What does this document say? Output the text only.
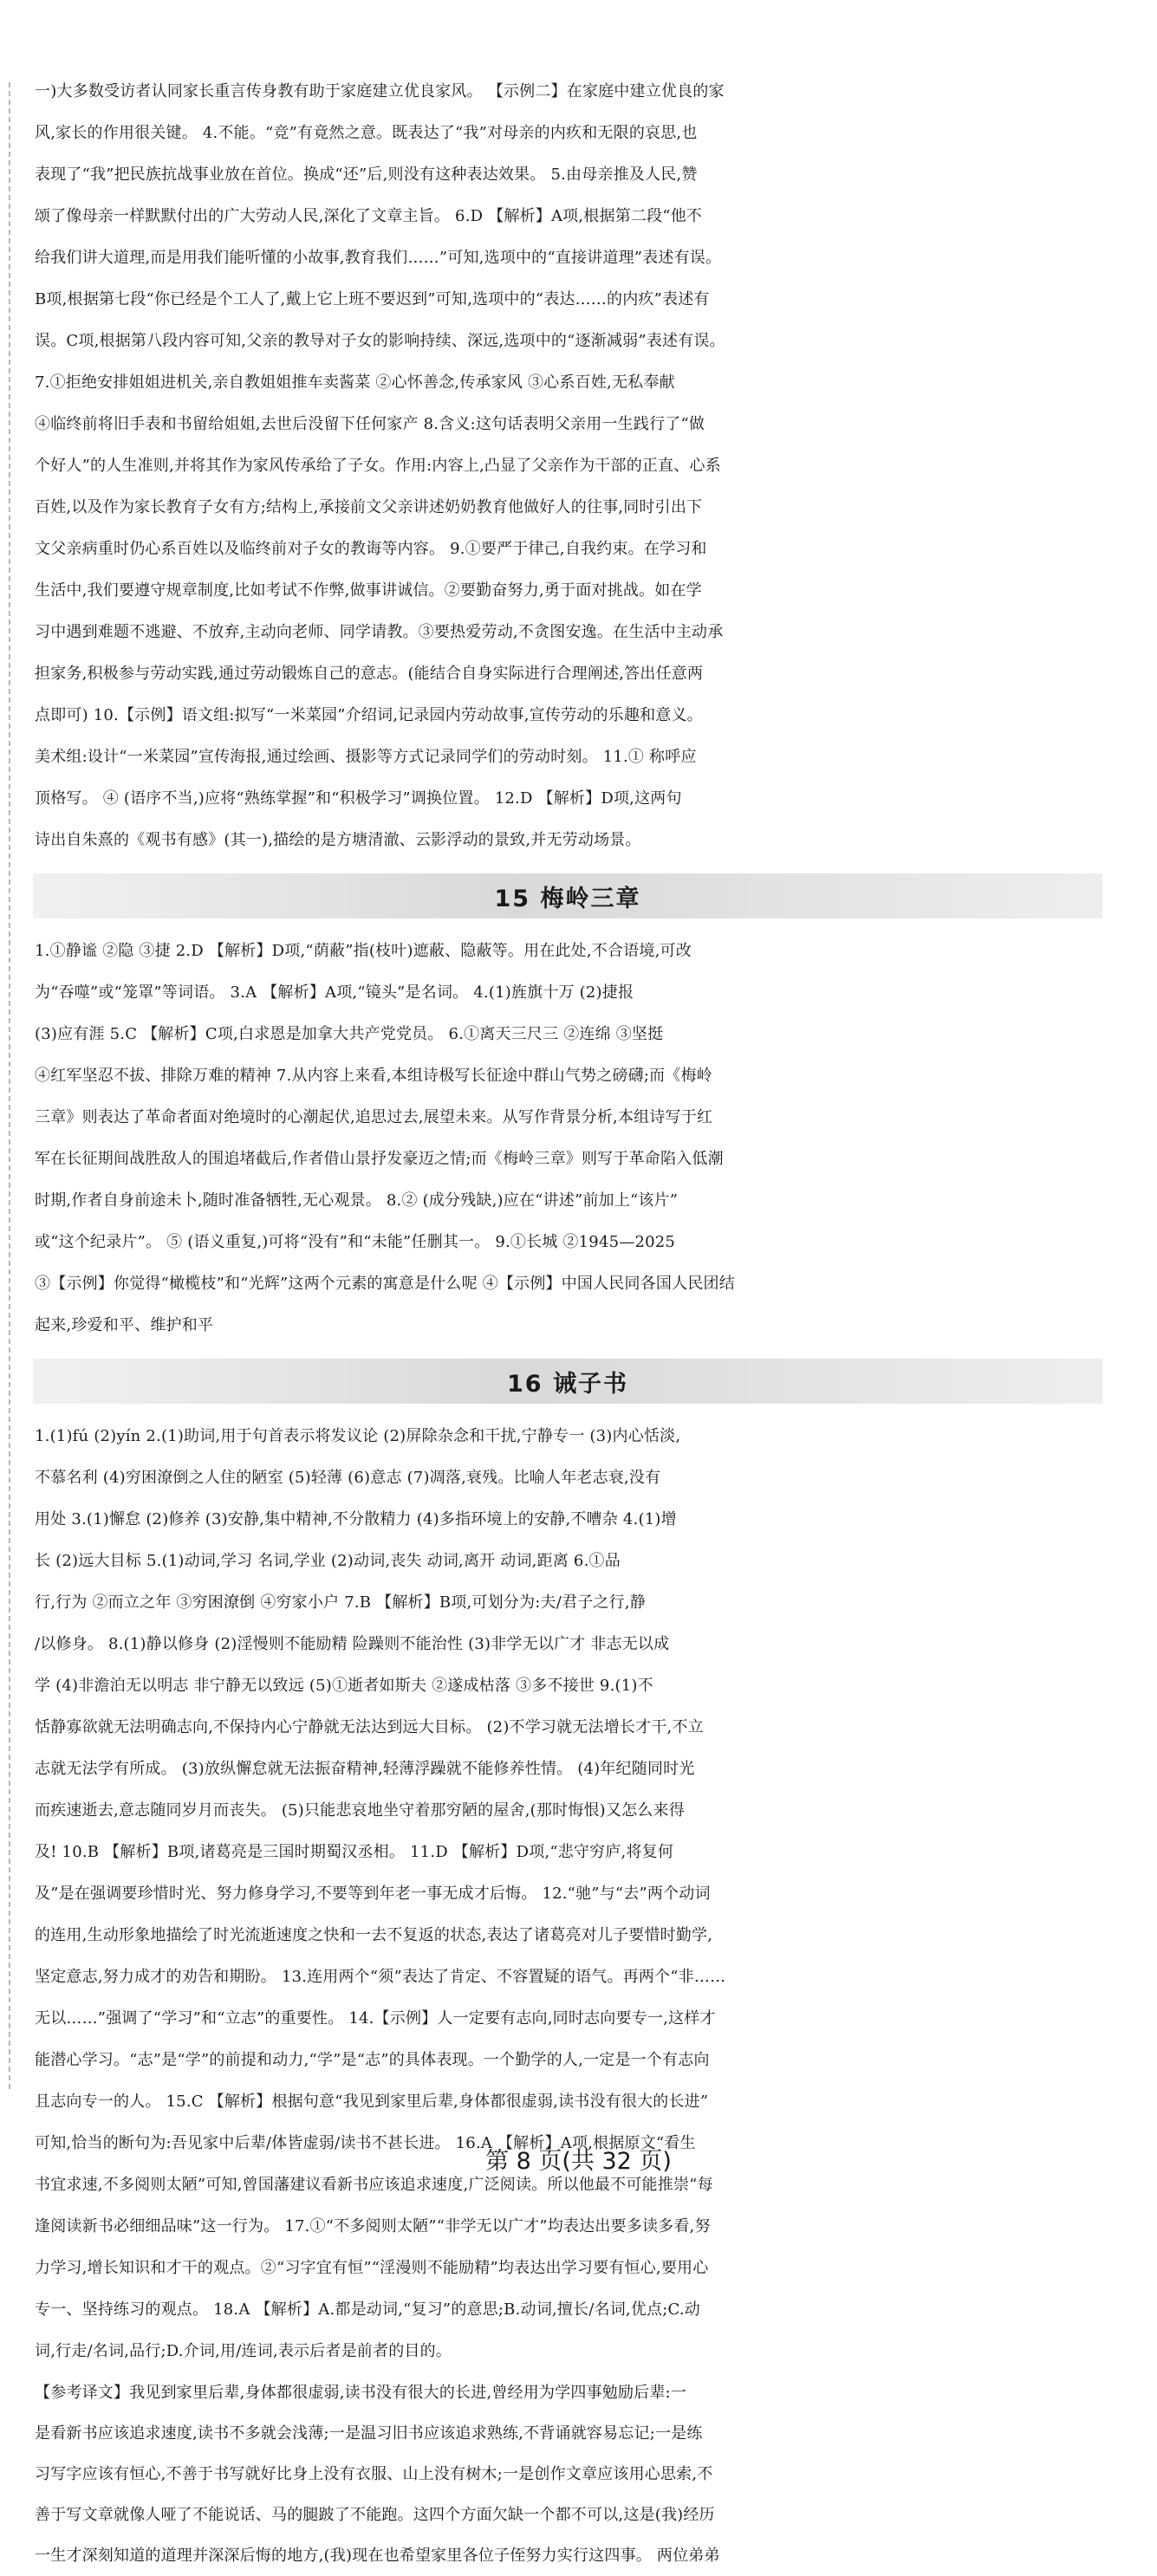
一)大多数受访者认同家长重言传身教有助于家庭建立优良家风。 【示例二】在家庭中建立优良的家
风,家长的作用很关键。 4.不能。“竞”有竟然之意。既表达了“我”对母亲的内疚和无限的哀思,也
表现了“我”把民族抗战事业放在首位。换成“还”后,则没有这种表达效果。 5.由母亲推及人民,赞
颂了像母亲一样默默付出的广大劳动人民,深化了文章主旨。 6.D 【解析】A项,根据第二段“他不
给我们讲大道理,而是用我们能听懂的小故事,教育我们……”可知,选项中的“直接讲道理”表述有误。
B项,根据第七段“你已经是个工人了,戴上它上班不要迟到”可知,选项中的“表达……的内疚”表述有
误。C项,根据第八段内容可知,父亲的教导对子女的影响持续、深远,选项中的“逐渐减弱”表述有误。
7.①拒绝安排姐姐进机关,亲自教姐姐推车卖酱菜 ②心怀善念,传承家风 ③心系百姓,无私奉献
④临终前将旧手表和书留给姐姐,去世后没留下任何家产 8.含义:这句话表明父亲用一生践行了“做
个好人”的人生准则,并将其作为家风传承给了子女。作用:内容上,凸显了父亲作为干部的正直、心系
百姓,以及作为家长教育子女有方;结构上,承接前文父亲讲述奶奶教育他做好人的往事,同时引出下
文父亲病重时仍心系百姓以及临终前对子女的教诲等内容。 9.①要严于律己,自我约束。在学习和
生活中,我们要遵守规章制度,比如考试不作弊,做事讲诚信。②要勤奋努力,勇于面对挑战。如在学
习中遇到难题不逃避、不放弃,主动向老师、同学请教。③要热爱劳动,不贪图安逸。在生活中主动承
担家务,积极参与劳动实践,通过劳动锻炼自己的意志。(能结合自身实际进行合理阐述,答出任意两
点即可) 10.【示例】语文组:拟写“一米菜园”介绍词,记录园内劳动故事,宣传劳动的乐趣和意义。
美术组:设计“一米菜园”宣传海报,通过绘画、摄影等方式记录同学们的劳动时刻。 11.① 称呼应
顶格写。 ④ (语序不当,)应将“熟练掌握”和“积极学习”调换位置。 12.D 【解析】D项,这两句
诗出自朱熹的《观书有感》(其一),描绘的是方塘清澈、云影浮动的景致,并无劳动场景。
15 梅岭三章
1.①静谧 ②隐 ③捷 2.D 【解析】D项,“荫蔽”指(枝叶)遮蔽、隐蔽等。用在此处,不合语境,可改
为“吞噬”或“笼罩”等词语。 3.A 【解析】A项,“镜头”是名词。 4.(1)旌旗十万 (2)捷报
(3)应有涯 5.C 【解析】C项,白求恩是加拿大共产党党员。 6.①离天三尺三 ②连绵 ③坚挺
④红军坚忍不拔、排除万难的精神 7.从内容上来看,本组诗极写长征途中群山气势之磅礴;而《梅岭
三章》则表达了革命者面对绝境时的心潮起伏,追思过去,展望未来。从写作背景分析,本组诗写于红
军在长征期间战胜敌人的围追堵截后,作者借山景抒发豪迈之情;而《梅岭三章》则写于革命陷入低潮
时期,作者自身前途未卜,随时准备牺牲,无心观景。 8.② (成分残缺,)应在“讲述”前加上“该片”
或“这个纪录片”。 ⑤ (语义重复,)可将“没有”和“未能”任删其一。 9.①长城 ②1945—2025
③【示例】你觉得“橄榄枝”和“光辉”这两个元素的寓意是什么呢 ④【示例】中国人民同各国人民团结
起来,珍爱和平、维护和平
16 诫子书
1.(1)fú (2)yín 2.(1)助词,用于句首表示将发议论 (2)屏除杂念和干扰,宁静专一 (3)内心恬淡,
不慕名利 (4)穷困潦倒之人住的陋室 (5)轻薄 (6)意志 (7)凋落,衰残。比喻人年老志衰,没有
用处 3.(1)懈怠 (2)修养 (3)安静,集中精神,不分散精力 (4)多指环境上的安静,不嘈杂 4.(1)增
长 (2)远大目标 5.(1)动词,学习 名词,学业 (2)动词,丧失 动词,离开 动词,距离 6.①品
行,行为 ②而立之年 ③穷困潦倒 ④穷家小户 7.B 【解析】B项,可划分为:夫/君子之行,静
/以修身。 8.(1)静以修身 (2)淫慢则不能励精 险躁则不能治性 (3)非学无以广才 非志无以成
学 (4)非澹泊无以明志 非宁静无以致远 (5)①逝者如斯夫 ②遂成枯落 ③多不接世 9.(1)不
恬静寡欲就无法明确志向,不保持内心宁静就无法达到远大目标。 (2)不学习就无法增长才干,不立
志就无法学有所成。 (3)放纵懈怠就无法振奋精神,轻薄浮躁就不能修养性情。 (4)年纪随同时光
而疾速逝去,意志随同岁月而丧失。 (5)只能悲哀地坐守着那穷陋的屋舍,(那时悔恨)又怎么来得
及! 10.B 【解析】B项,诸葛亮是三国时期蜀汉丞相。 11.D 【解析】D项,“悲守穷庐,将复何
及”是在强调要珍惜时光、努力修身学习,不要等到年老一事无成才后悔。 12.“驰”与“去”两个动词
的连用,生动形象地描绘了时光流逝速度之快和一去不复返的状态,表达了诸葛亮对儿子要惜时勤学,
坚定意志,努力成才的劝告和期盼。 13.连用两个“须”表达了肯定、不容置疑的语气。再两个“非……
无以……”强调了“学习”和“立志”的重要性。 14.【示例】人一定要有志向,同时志向要专一,这样才
能潜心学习。“志”是“学”的前提和动力,“学”是“志”的具体表现。一个勤学的人,一定是一个有志向
且志向专一的人。 15.C 【解析】根据句意“我见到家里后辈,身体都很虚弱,读书没有很大的长进”
可知,恰当的断句为:吾见家中后辈/体皆虚弱/读书不甚长进。 16.A 【解析】A项,根据原文“看生
书宜求速,不多阅则太陋”可知,曾国藩建议看新书应该追求速度,广泛阅读。所以他最不可能推崇“每
逢阅读新书必细细品味”这一行为。 17.①“不多阅则太陋”“非学无以广才”均表达出要多读多看,努
力学习,增长知识和才干的观点。②“习字宜有恒”“淫漫则不能励精”均表达出学习要有恒心,要用心
专一、坚持练习的观点。 18.A 【解析】A.都是动词,“复习”的意思;B.动词,擅长/名词,优点;C.动
词,行走/名词,品行;D.介词,用/连词,表示后者是前者的目的。
【参考译文】我见到家里后辈,身体都很虚弱,读书没有很大的长进,曾经用为学四事勉励后辈:一
是看新书应该追求速度,读书不多就会浅薄;一是温习旧书应该追求熟练,不背诵就容易忘记;一是练
习写字应该有恒心,不善于书写就好比身上没有衣服、山上没有树木;一是创作文章应该用心思索,不
善于写文章就像人哑了不能说话、马的腿跛了不能跑。这四个方面欠缺一个都不可以,这是(我)经历
一生才深刻知道的道理并深深后悔的地方,(我)现在也希望家里各位子侄努力实行这四事。 两位弟弟
第 8 页(共 32 页)
